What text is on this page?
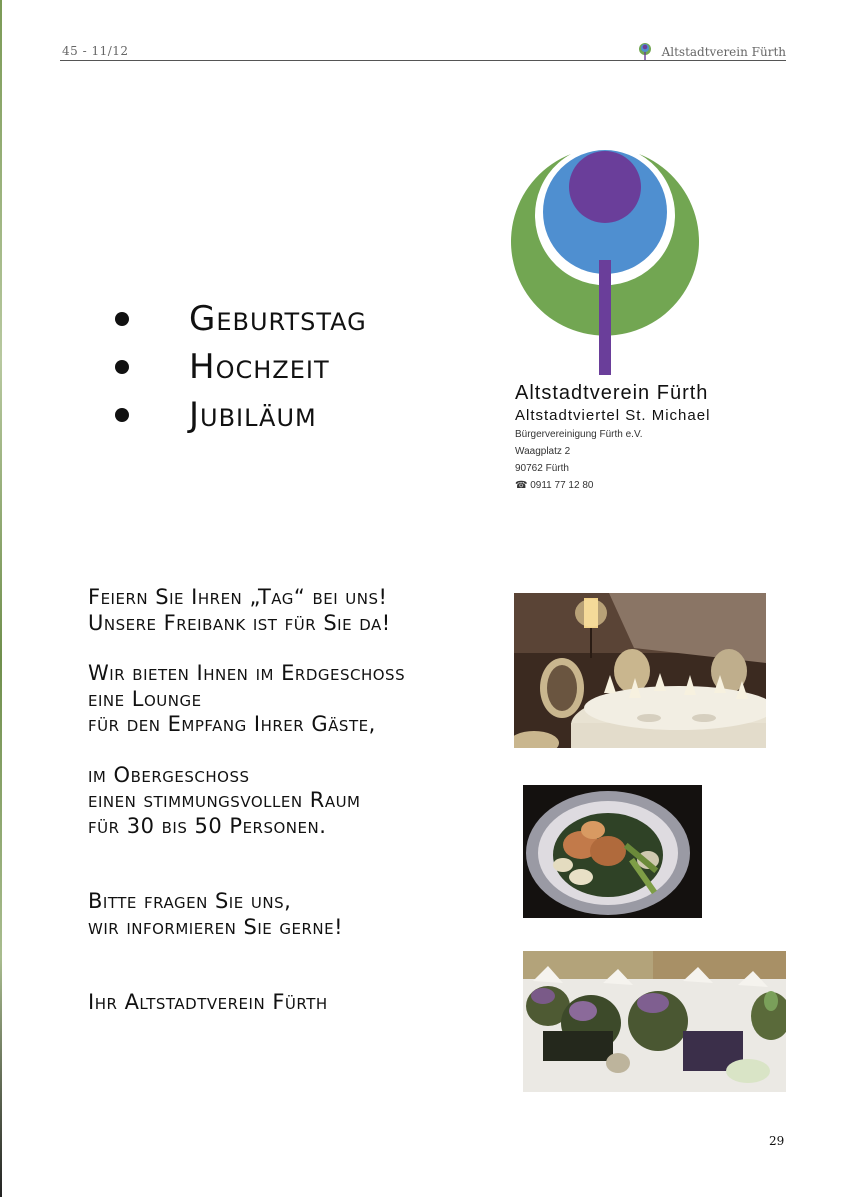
45 - 11/12	Altstadtverein Fürth
Altstadtverein Fürth
Altstadtviertel St. Michael
Bürgervereinigung Fürth e.V.
Waagplatz 2
90762 Fürth
☎ 0911 77 12 80
Geburtstag
Hochzeit
Jubiläum
Feiern Sie Ihren „Tag“ bei uns!
Unsere Freibank ist für Sie da!
Wir bieten Ihnen im Erdgeschoss
eine Lounge
für den Empfang Ihrer Gäste,
im Obergeschoss
einen stimmungsvollen Raum
für 30 bis 50 Personen.
Bitte fragen Sie uns,
wir informieren Sie gerne!
Ihr Altstadtverein Fürth
29
